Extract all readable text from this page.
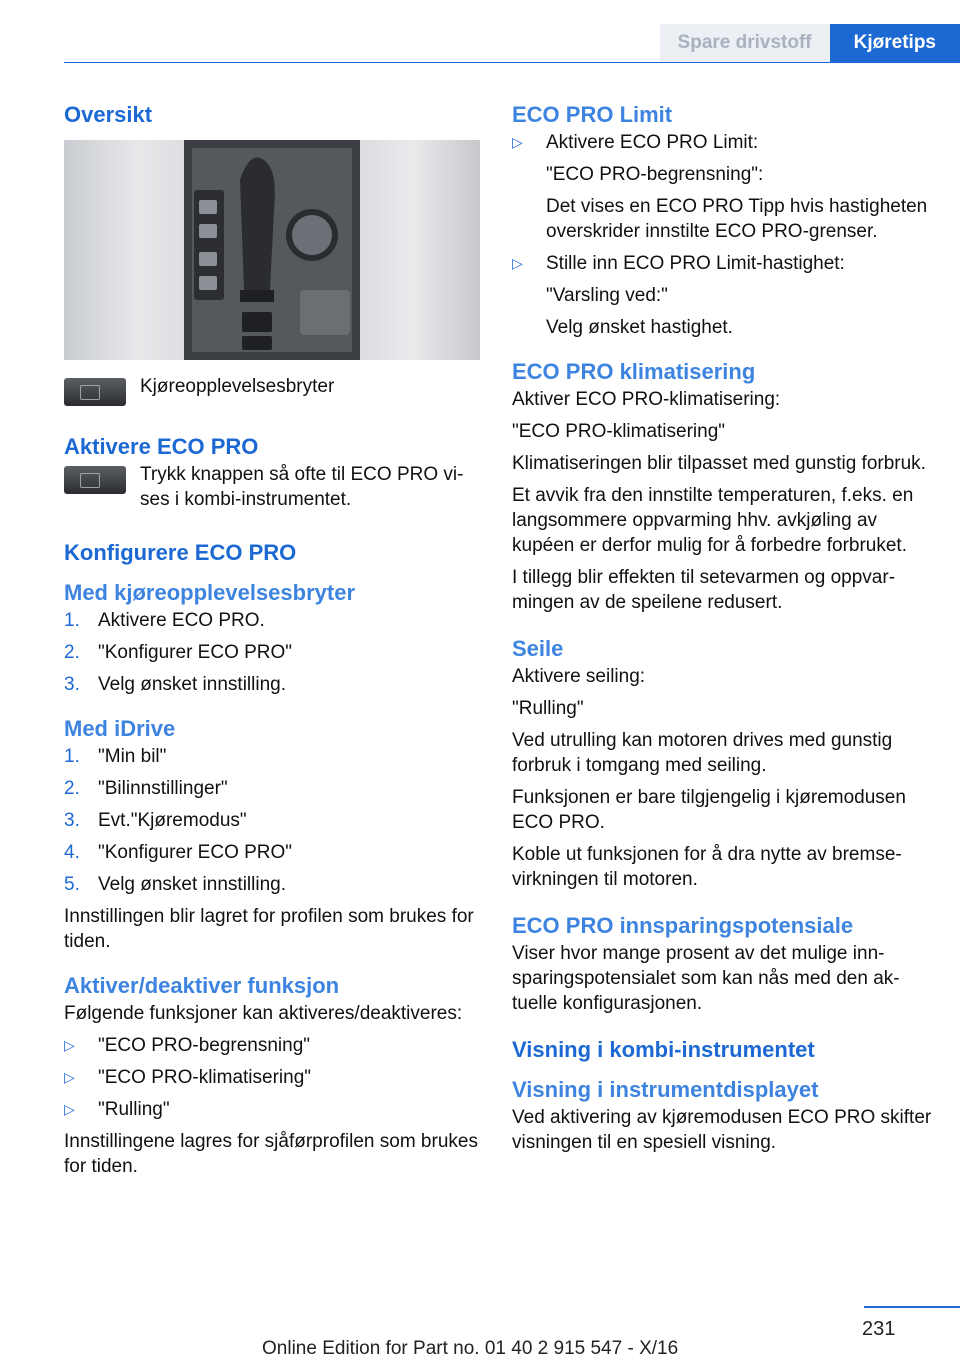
Spare drivstoff	Kjøretips
Oversikt
Kjøreopplevelsesbryter
Aktivere ECO PRO
Trykk knappen så ofte til ECO PRO vises i kombi-instrumentet.
Konfigurere ECO PRO
Med kjøreopplevelsesbryter
1. Aktivere ECO PRO.
2. "Konfigurer ECO PRO"
3. Velg ønsket innstilling.
Med iDrive
1. "Min bil"
2. "Bilinnstillinger"
3. Evt."Kjøremodus"
4. "Konfigurer ECO PRO"
5. Velg ønsket innstilling.

Innstillingen blir lagret for profilen som brukes for tiden.

Aktiver/deaktiver funksjon

Følgende funksjoner kan aktiveres/deaktiveres:

▷ "ECO PRO-begrensning"
▷ "ECO PRO-klimatisering"
▷ "Rulling"

Innstillingene lagres for sjåførprofilen som brukes for tiden.

ECO PRO Limit
▷ Aktivere ECO PRO Limit:
"ECO PRO-begrensning":
Det vises en ECO PRO Tipp hvis hastigheten overskrider innstilte ECO PRO-grenser.
▷ Stille inn ECO PRO Limit-hastighet:
"Varsling ved:"
Velg ønsket hastighet.
ECO PRO klimatisering

Aktiver ECO PRO-klimatisering:

"ECO PRO-klimatisering"

Klimatiseringen blir tilpasset med gunstig forbruk.

Et avvik fra den innstilte temperaturen, f.eks. en langsommere oppvarming hhv. avkjøling av kupéen er derfor mulig for å forbedre forbruket.

I tillegg blir effekten til setevarmen og oppvarmingen av de speilene redusert.

Seile

Aktivere seiling:

"Rulling"

Ved utrulling kan motoren drives med gunstig forbruk i tomgang med seiling.

Funksjonen er bare tilgjengelig i kjøremodusen ECO PRO.

Koble ut funksjonen for å dra nytte av bremsevirkningen til motoren.

ECO PRO innsparingspotensiale

Viser hvor mange prosent av det mulige innsparingspotensialet som kan nås med den aktuelle konfigurasjonen.

Visning i kombi-instrumentet
Visning i instrumentdisplayet

Ved aktivering av kjøremodusen ECO PRO skifter visningen til en spesiell visning.

231
Online Edition for Part no. 01 40 2 915 547 - X/16
